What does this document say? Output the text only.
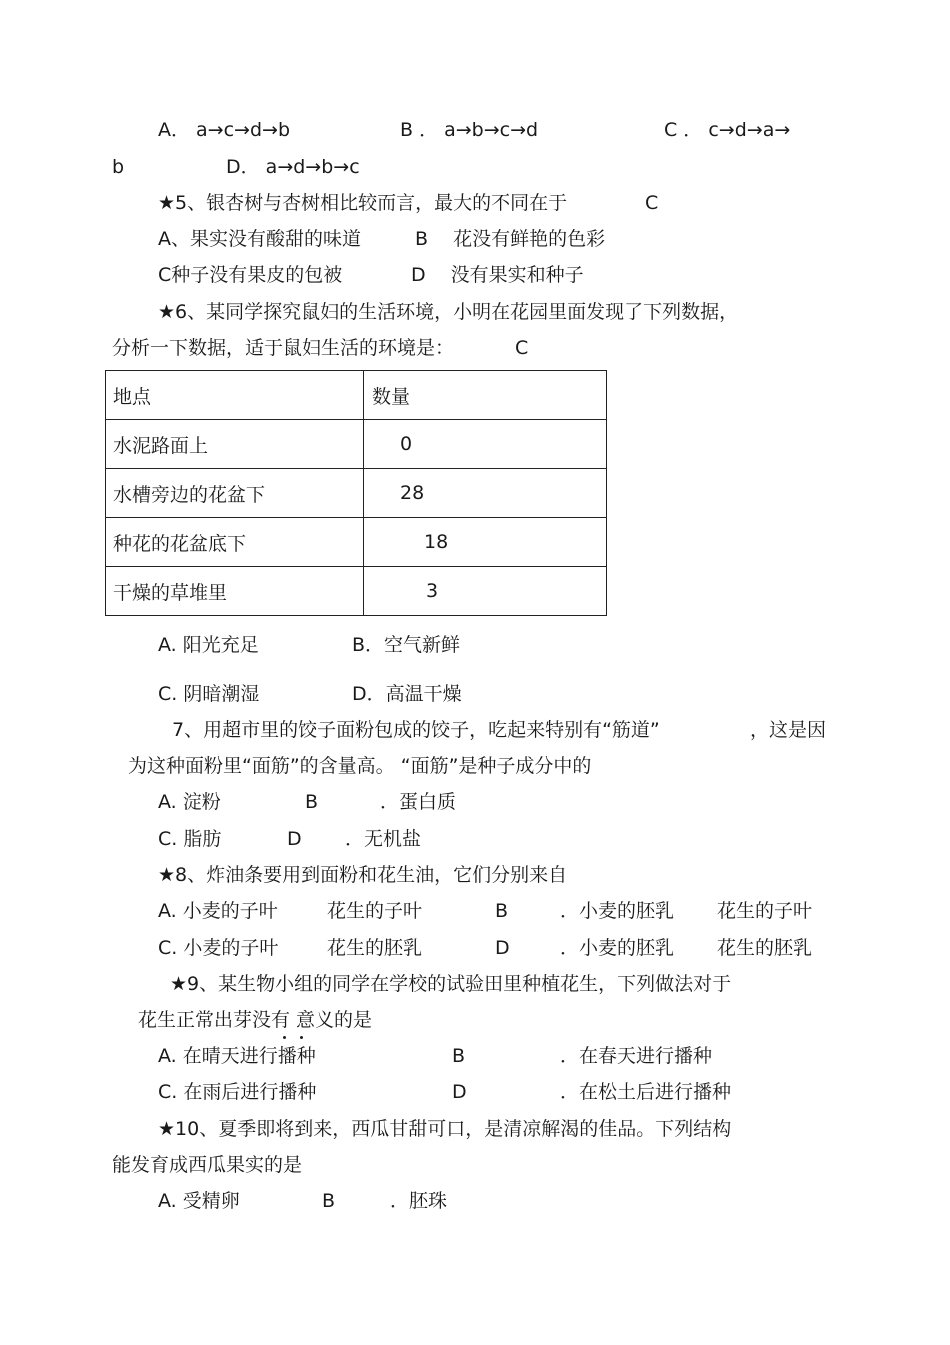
A． a→c→d→b	B ． a→b→c→d	C ． c→d→a→
b	D． a→d→b→c
★5、银杏树与杏树相比较而言，最大的不同在于	C
A、果实没有酸甜的味道	B　 花没有鲜艳的色彩
C种子没有果皮的包被	D　 没有果实和种子
★6、某同学探究鼠妇的生活环境，小明在花园里面发现了下列数据，
分析一下数据，适于鼠妇生活的环境是：	C
地点	数量
水泥路面上	0
水槽旁边的花盆下	28
种花的花盆底下	18
干燥的草堆里	3
A. 阳光充足	B．空气新鲜
C. 阴暗潮湿	D．高温干燥
7、用超市里的饺子面粉包成的饺子，吃起来特别有“筋道”	，这是因
为这种面粉里“面筋”的含量高。 “面筋”是种子成分中的
A. 淀粉	B	．蛋白质
C. 脂肪	D ．无机盐
★8、炸油条要用到面粉和花生油，它们分别来自
A. 小麦的子叶	花生的子叶	B	．小麦的胚乳 花生的子叶
C. 小麦的子叶	花生的胚乳	D	．小麦的胚乳 花生的胚乳
★9、某生物小组的同学在学校的试验田里种植花生，下列做法对于
花生正常出芽没有 意义的是
A. 在晴天进行播种	B	．在春天进行播种
C. 在雨后进行播种	D	．在松土后进行播种
★10、夏季即将到来，西瓜甘甜可口，是清凉解渴的佳品。下列结构
能发育成西瓜果实的是
A. 受精卵	B	．胚珠
